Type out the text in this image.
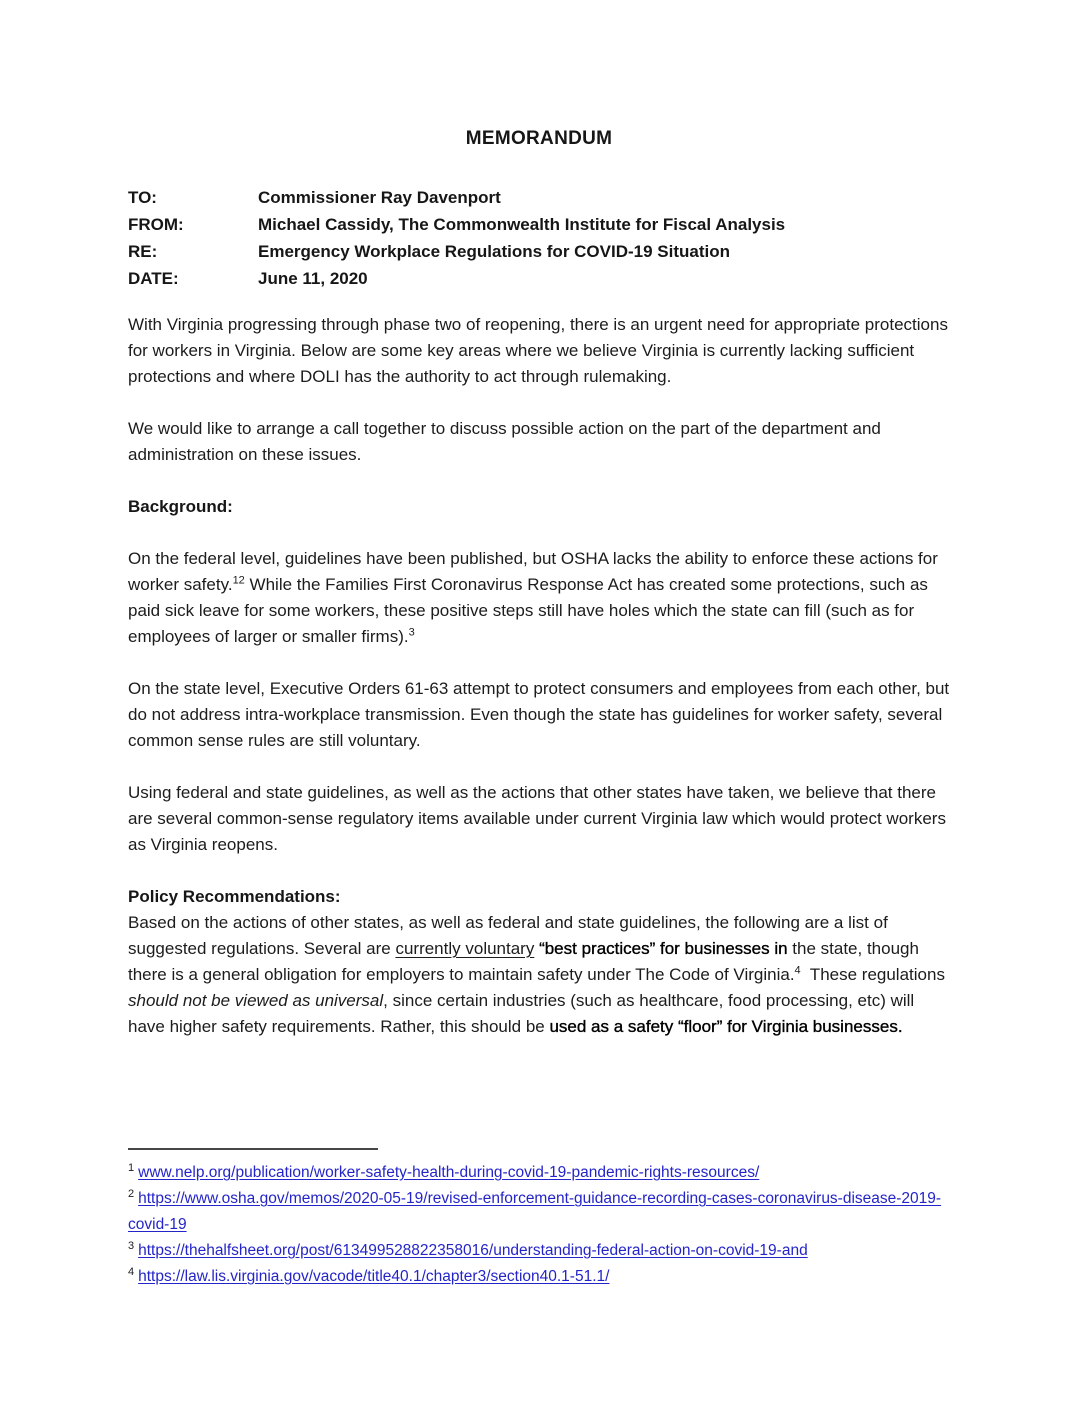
MEMORANDUM
TO:	Commissioner Ray Davenport
FROM:	Michael Cassidy, The Commonwealth Institute for Fiscal Analysis
RE:	Emergency Workplace Regulations for COVID-19 Situation
DATE:	June 11, 2020

With Virginia progressing through phase two of reopening, there is an urgent need for appropriate protections for workers in Virginia. Below are some key areas where we believe Virginia is currently lacking sufficient protections and where DOLI has the authority to act through rulemaking.

We would like to arrange a call together to discuss possible action on the part of the department and administration on these issues.

Background:

On the federal level, guidelines have been published, but OSHA lacks the ability to enforce these actions for worker safety.$^{12}$ While the Families First Coronavirus Response Act has created some protections, such as paid sick leave for some workers, these positive steps still have holes which the state can fill (such as for employees of larger or smaller firms).$^3$

On the state level, Executive Orders 61-63 attempt to protect consumers and employees from each other, but do not address intra-workplace transmission. Even though the state has guidelines for worker safety, several common sense rules are still voluntary.

Using federal and state guidelines, as well as the actions that other states have taken, we believe that there are several common-sense regulatory items available under current Virginia law which would protect workers as Virginia reopens.

Policy Recommendations:

Based on the actions of other states, as well as federal and state guidelines, the following are a list of suggested regulations. Several are currently voluntary “best practices” for businesses in the state, though there is a general obligation for employers to maintain safety under The Code of Virginia.$^4$  These regulations should not be viewed as universal, since certain industries (such as healthcare, food processing, etc) will have higher safety requirements. Rather, this should be used as a safety “floor” for Virginia businesses.

$^1$ www.nelp.org/publication/worker-safety-health-during-covid-19-pandemic-rights-resources/
$^2$ https://www.osha.gov/memos/2020-05-19/revised-enforcement-guidance-recording-cases-coronavirus-disease-2019-covid-19
$^3$ https://thehalfsheet.org/post/613499528822358016/understanding-federal-action-on-covid-19-and
$^4$ https://law.lis.virginia.gov/vacode/title40.1/chapter3/section40.1-51.1/
